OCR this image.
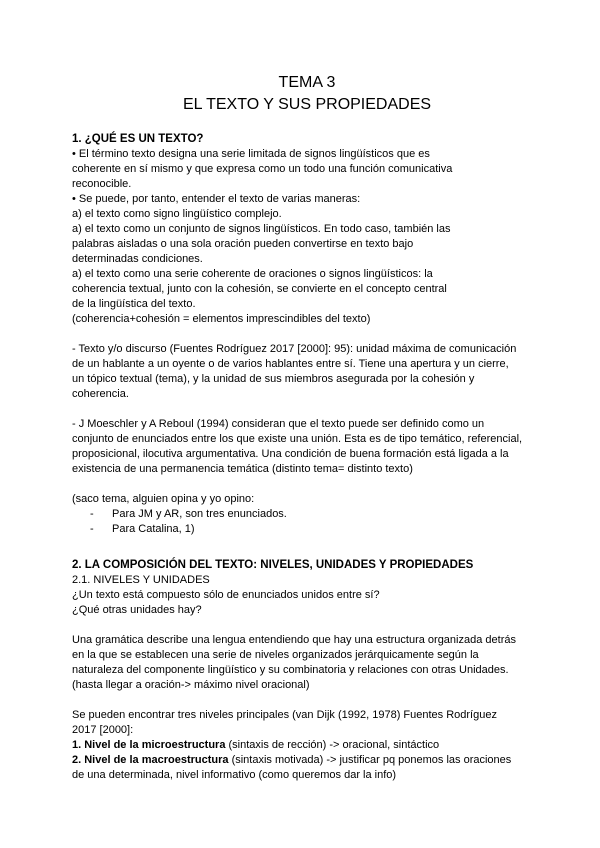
TEMA 3
EL TEXTO Y SUS PROPIEDADES
1. ¿QUÉ ES UN TEXTO?

• El término texto designa una serie limitada de signos lingüísticos que es

coherente en sí mismo y que expresa como un todo una función comunicativa

reconocible.

• Se puede, por tanto, entender el texto de varias maneras:

a) el texto como signo lingüístico complejo.

a) el texto como un conjunto de signos lingüísticos. En todo caso, también las

palabras aisladas o una sola oración pueden convertirse en texto bajo

determinadas condiciones.

a) el texto como una serie coherente de oraciones o signos lingüísticos: la

coherencia textual, junto con la cohesión, se convierte en el concepto central

de la lingüística del texto.

(coherencia+cohesión = elementos imprescindibles del texto)

- Texto y/o discurso (Fuentes Rodríguez 2017 [2000]: 95): unidad máxima de comunicación

de un hablante a un oyente o de varios hablantes entre sí. Tiene una apertura y un cierre,

un tópico textual (tema), y la unidad de sus miembros asegurada por la cohesión y

coherencia.

- J Moeschler y A Reboul (1994) consideran que el texto puede ser definido como un

conjunto de enunciados entre los que existe una unión. Esta es de tipo temático, referencial,

proposicional, ilocutiva argumentativa. Una condición de buena formación está ligada a la

existencia de una permanencia temática (distinto tema= distinto texto)

(saco tema, alguien opina y yo opino:

- Para JM y AR, son tres enunciados.
- Para Catalina, 1)
2. LA COMPOSICIÓN DEL TEXTO: NIVELES, UNIDADES Y PROPIEDADES
2.1. NIVELES Y UNIDADES

¿Un texto está compuesto sólo de enunciados unidos entre sí?

¿Qué otras unidades hay?

Una gramática describe una lengua entendiendo que hay una estructura organizada detrás

en la que se establecen una serie de niveles organizados jerárquicamente según la

naturaleza del componente lingüístico y su combinatoria y relaciones con otras Unidades.

(hasta llegar a oración-> máximo nivel oracional)

Se pueden encontrar tres niveles principales (van Dijk (1992, 1978) Fuentes Rodríguez

2017 [2000]:

1. Nivel de la microestructura (sintaxis de rección) -> oracional, sintáctico

2. Nivel de la macroestructura (sintaxis motivada) -> justificar pq ponemos las oraciones

de una determinada, nivel informativo (como queremos dar la info)
